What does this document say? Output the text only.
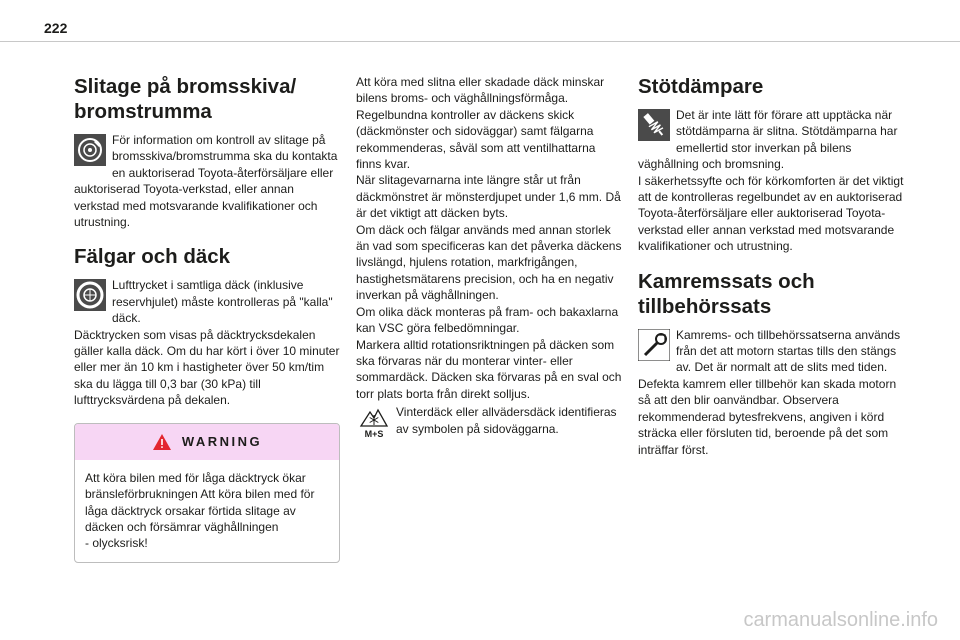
222
Slitage på bromsskiva/ bromstrumma

För information om kontroll av slitage på bromsskiva/bromstrumma ska du kontakta en auktoriserad Toyota-återförsäljare eller auktoriserad Toyota-verkstad, eller annan verkstad med motsvarande kvalifikationer och utrustning.

Fälgar och däck

Lufttrycket i samtliga däck (inklusive reservhjulet) måste kontrolleras på "kalla" däck.
Däcktrycken som visas på däcktrycksdekalen gäller kalla däck. Om du har kört i över 10 minuter eller mer än 10 km i hastigheter över 50 km/tim ska du lägga till 0,3 bar (30 kPa) till lufttrycksvärdena på dekalen.

WARNING

Att köra bilen med för låga däcktryck ökar bränsleförbrukningen Att köra bilen med för låga däcktryck orsakar förtida slitage av däcken och försämrar väghållningen
- olycksrisk!

Att köra med slitna eller skadade däck minskar bilens broms- och väghållningsförmåga. Regelbundna kontroller av däckens skick (däckmönster och sidoväggar) samt fälgarna rekommenderas, såväl som att ventilhattarna finns kvar.
När slitagevarnarna inte längre står ut från däckmönstret är mönsterdjupet under 1,6 mm. Då är det viktigt att däcken byts.
Om däck och fälgar används med annan storlek än vad som specificeras kan det påverka däckens livslängd, hjulens rotation, markfrigången, hastighetsmätarens precision, och ha en negativ inverkan på väghållningen.
Om olika däck monteras på fram- och bakaxlarna kan VSC göra felbedömningar.
Markera alltid rotationsriktningen på däcken som ska förvaras när du monterar vinter- eller sommardäck. Däcken ska förvaras på en sval och torr plats borta från direkt solljus.

M+S

Vinterdäck eller allvädersdäck identifieras av symbolen på sidoväggarna.

Stötdämpare

Det är inte lätt för förare att upptäcka när stötdämparna är slitna. Stötdämparna har emellertid stor inverkan på bilens väghållning och bromsning.
I säkerhetssyfte och för körkomforten är det viktigt att de kontrolleras regelbundet av en auktoriserad Toyota-återförsäljare eller auktoriserad Toyota-verkstad eller annan verkstad med motsvarande kvalifikationer och utrustning.

Kamremssats och tillbehörssats

Kamrems- och tillbehörssatserna används från det att motorn startas tills den stängs av. Det är normalt att de slits med tiden.
Defekta kamrem eller tillbehör kan skada motorn så att den blir oanvändbar. Observera rekommenderad bytesfrekvens, angiven i körd sträcka eller försluten tid, beroende på det som inträffar först.

carmanualsonline.info
